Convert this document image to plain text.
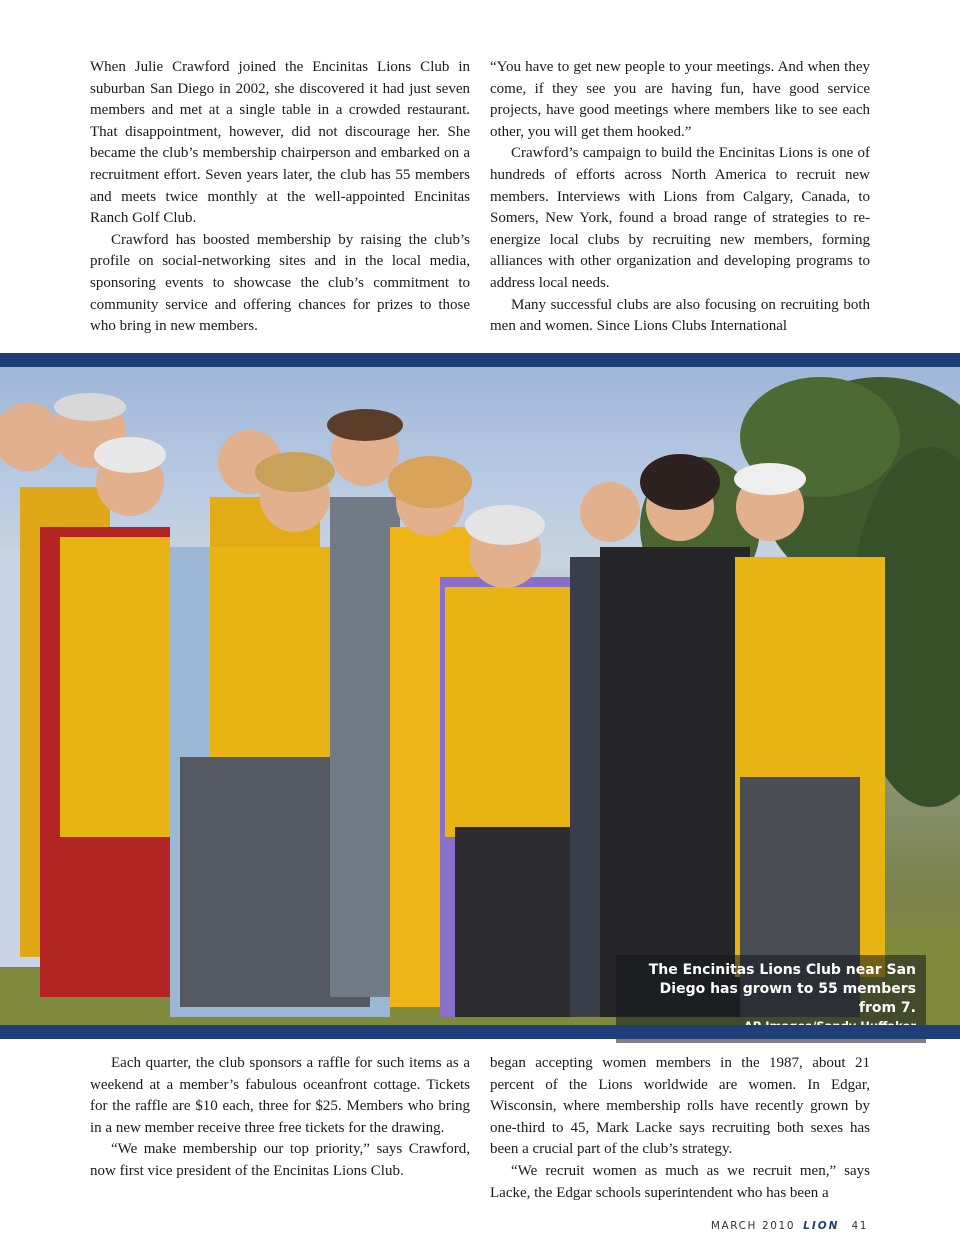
When Julie Crawford joined the Encinitas Lions Club in suburban San Diego in 2002, she discovered it had just seven members and met at a single table in a crowded restaurant. That disappointment, however, did not discourage her. She became the club’s membership chairperson and embarked on a recruitment effort. Seven years later, the club has 55 members and meets twice monthly at the well-appointed Encinitas Ranch Golf Club.

Crawford has boosted membership by raising the club’s profile on social-networking sites and in the local media, sponsoring events to showcase the club’s commitment to community service and offering chances for prizes to those who bring in new members.

“You have to get new people to your meetings. And when they come, if they see you are having fun, have good service projects, have good meetings where members like to see each other, you will get them hooked.”

Crawford’s campaign to build the Encinitas Lions is one of hundreds of efforts across North America to recruit new members. Interviews with Lions from Calgary, Canada, to Somers, New York, found a broad range of strategies to re-energize local clubs by recruiting new members, forming alliances with other organization and developing programs to address local needs.

Many successful clubs are also focusing on recruiting both men and women. Since Lions Clubs International

The Encinitas Lions Club near San Diego has grown to 55 members from 7.

Each quarter, the club sponsors a raffle for such items as a weekend at a member’s fabulous oceanfront cottage. Tickets for the raffle are $10 each, three for $25. Members who bring in a new member receive three free tickets for the drawing.

“We make membership our top priority,” says Crawford, now first vice president of the Encinitas Lions Club.

began accepting women members in the 1987, about 21 percent of the Lions worldwide are women. In Edgar, Wisconsin, where membership rolls have recently grown by one-third to 45, Mark Lacke says recruiting both sexes has been a crucial part of the club’s strategy.

“We recruit women as much as we recruit men,” says Lacke, the Edgar schools superintendent who has been a

MARCH 2010 LION 41
